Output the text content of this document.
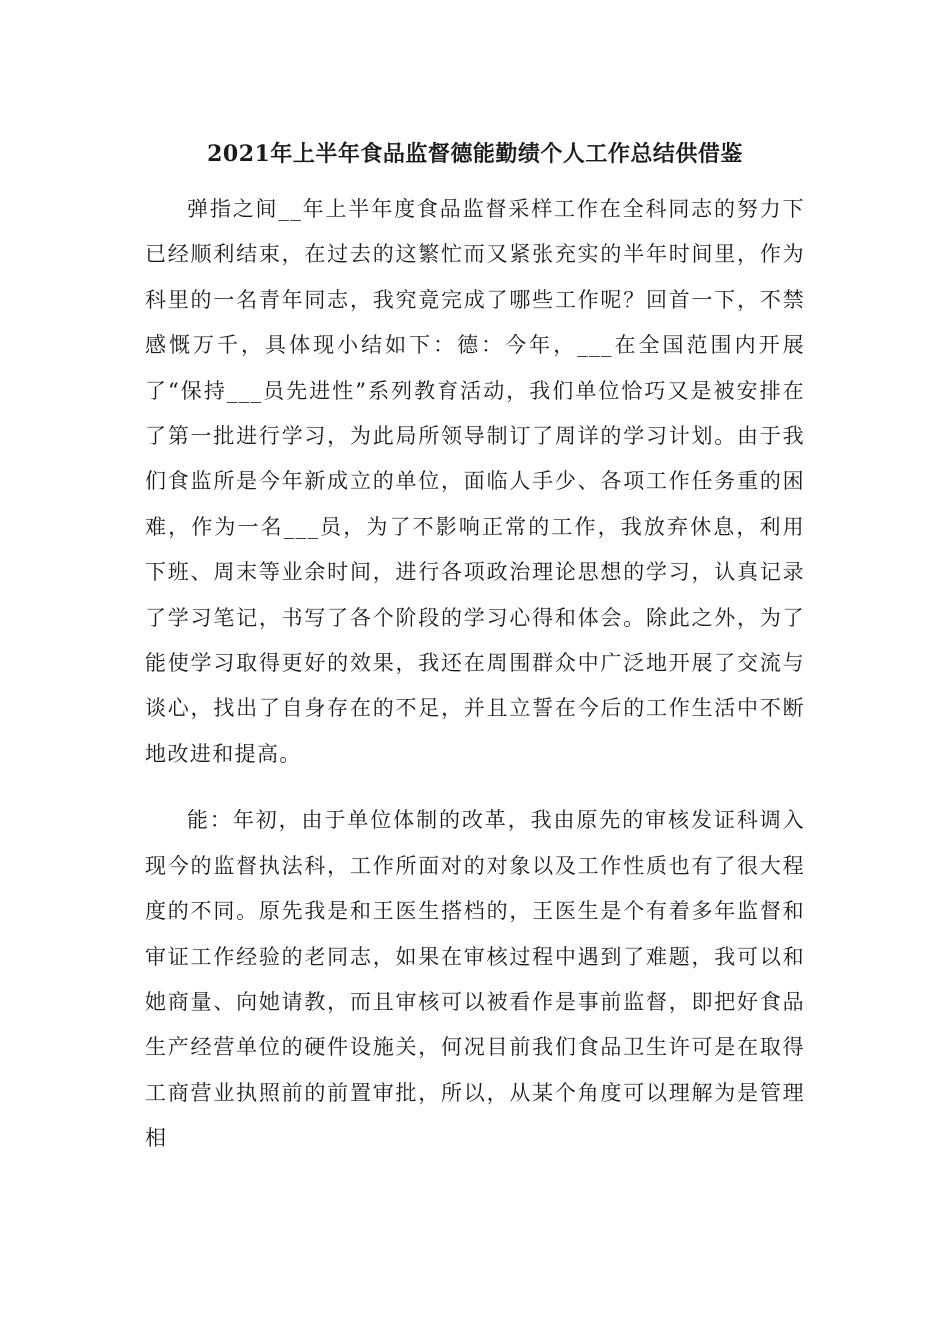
2021年上半年食品监督德能勤绩个人工作总结供借鉴

弹指之间__年上半年度食品监督采样工作在全科同志的努力下已经顺利结束，在过去的这繁忙而又紧张充实的半年时间里，作为科里的一名青年同志，我究竟完成了哪些工作呢？回首一下，不禁感慨万千，具体现小结如下：德：今年，___在全国范围内开展了“保持___员先进性”系列教育活动，我们单位恰巧又是被安排在了第一批进行学习，为此局所领导制订了周详的学习计划。由于我们食监所是今年新成立的单位，面临人手少、各项工作任务重的困难，作为一名___员，为了不影响正常的工作，我放弃休息，利用下班、周末等业余时间，进行各项政治理论思想的学习，认真记录了学习笔记，书写了各个阶段的学习心得和体会。除此之外，为了能使学习取得更好的效果，我还在周围群众中广泛地开展了交流与谈心，找出了自身存在的不足，并且立誓在今后的工作生活中不断地改进和提高。

能：年初，由于单位体制的改革，我由原先的审核发证科调入现今的监督执法科，工作所面对的对象以及工作性质也有了很大程度的不同。原先我是和王医生搭档的，王医生是个有着多年监督和审证工作经验的老同志，如果在审核过程中遇到了难题，我可以和她商量、向她请教，而且审核可以被看作是事前监督，即把好食品生产经营单位的硬件设施关，何况目前我们食品卫生许可是在取得工商营业执照前的前置审批，所以，从某个角度可以理解为是管理相
